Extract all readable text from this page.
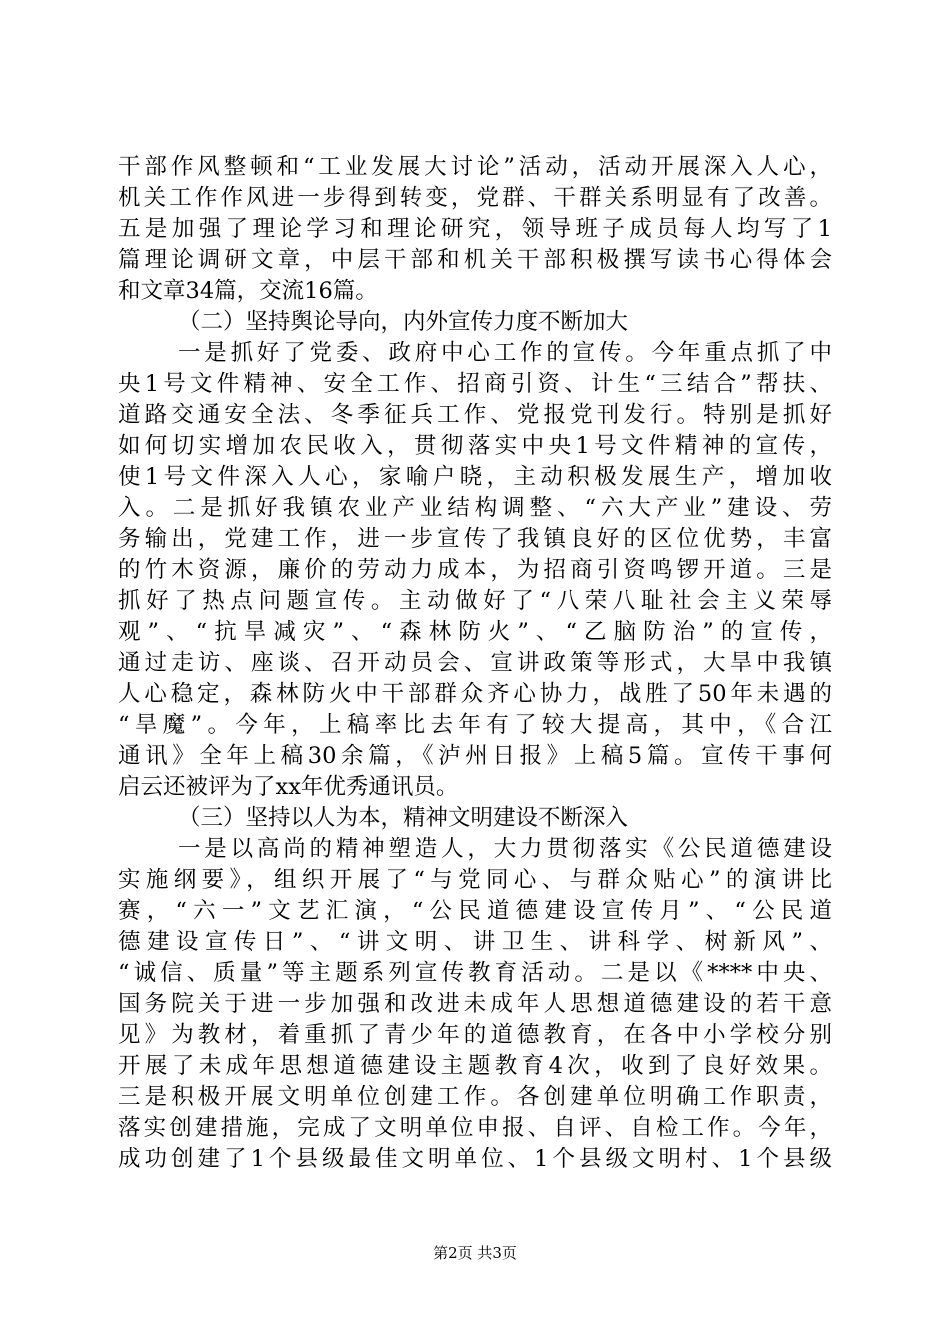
干部作风整顿和“工业发展大讨论”活动，活动开展深入人心，
机关工作作风进一步得到转变，党群、干群关系明显有了改善。
五是加强了理论学习和理论研究，领导班子成员每人均写了1
篇理论调研文章，中层干部和机关干部积极撰写读书心得体会
和文章34篇，交流16篇。
（二）坚持舆论导向，内外宣传力度不断加大
一是抓好了党委、政府中心工作的宣传。今年重点抓了中
央1号文件精神、安全工作、招商引资、计生“三结合”帮扶、
道路交通安全法、冬季征兵工作、党报党刊发行。特别是抓好
如何切实增加农民收入，贯彻落实中央1号文件精神的宣传，
使1号文件深入人心，家喻户晓，主动积极发展生产，增加收
入。二是抓好我镇农业产业结构调整、“六大产业”建设、劳
务输出，党建工作，进一步宣传了我镇良好的区位优势，丰富
的竹木资源，廉价的劳动力成本，为招商引资鸣锣开道。三是
抓好了热点问题宣传。主动做好了“八荣八耻社会主义荣辱
观”、“抗旱减灾”、“森林防火”、“乙脑防治”的宣传，
通过走访、座谈、召开动员会、宣讲政策等形式，大旱中我镇
人心稳定，森林防火中干部群众齐心协力，战胜了50年未遇的
“旱魔”。今年，上稿率比去年有了较大提高，其中，《合江
通讯》全年上稿30余篇，《泸州日报》上稿5篇。宣传干事何
启云还被评为了xx年优秀通讯员。
（三）坚持以人为本，精神文明建设不断深入
一是以高尚的精神塑造人，大力贯彻落实《公民道德建设
实施纲要》，组织开展了“与党同心、与群众贴心”的演讲比
赛，“六一”文艺汇演，“公民道德建设宣传月”、“公民道
德建设宣传日”、“讲文明、讲卫生、讲科学、树新风”、
“诚信、质量”等主题系列宣传教育活动。二是以《****中央、
国务院关于进一步加强和改进未成年人思想道德建设的若干意
见》为教材，着重抓了青少年的道德教育，在各中小学校分别
开展了未成年思想道德建设主题教育4次，收到了良好效果。
三是积极开展文明单位创建工作。各创建单位明确工作职责，
落实创建措施，完成了文明单位申报、自评、自检工作。今年，
成功创建了1个县级最佳文明单位、1个县级文明村、1个县级
第2页 共3页
